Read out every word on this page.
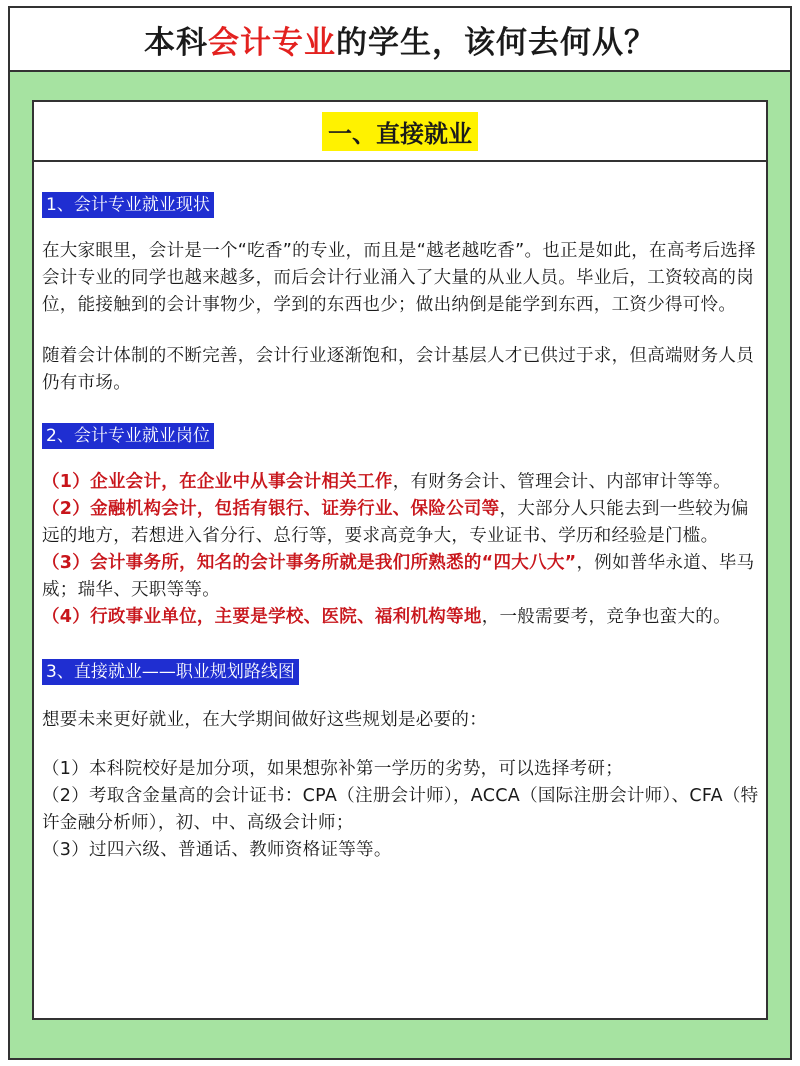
本科 会计专业 的学生，该何去何从？
一、直接就业
1、会计专业就业现状

在大家眼里，会计是一个“吃香”的专业，而且是“越老越吃香”。也正是如此，在高考后选择会计专业的同学也越来越多，而后会计行业涌入了大量的从业人员。毕业后，工资较高的岗位，能接触到的会计事物少，学到的东西也少；做出纳倒是能学到东西，工资少得可怜。

随着会计体制的不断完善，会计行业逐渐饱和，会计基层人才已供过于求，但高端财务人员仍有市场。

2、会计专业就业岗位

（1）企业会计，在企业中从事会计相关工作，有财务会计、管理会计、内部审计等等。

（2）金融机构会计，包括有银行、证券行业、保险公司等，大部分人只能去到一些较为偏远的地方，若想进入省分行、总行等，要求高竞争大，专业证书、学历和经验是门槛。

（3）会计事务所，知名的会计事务所就是我们所熟悉的“四大八大”，例如普华永道、毕马威；瑞华、天职等等。

（4）行政事业单位，主要是学校、医院、福利机构等地，一般需要考，竞争也蛮大的。

3、直接就业——职业规划路线图

想要未来更好就业，在大学期间做好这些规划是必要的：

（1）本科院校好是加分项，如果想弥补第一学历的劣势，可以选择考研；

（2）考取含金量高的会计证书：CPA（注册会计师），ACCA（国际注册会计师）、CFA（特许金融分析师），初、中、高级会计师；

（3）过四六级、普通话、教师资格证等等。
